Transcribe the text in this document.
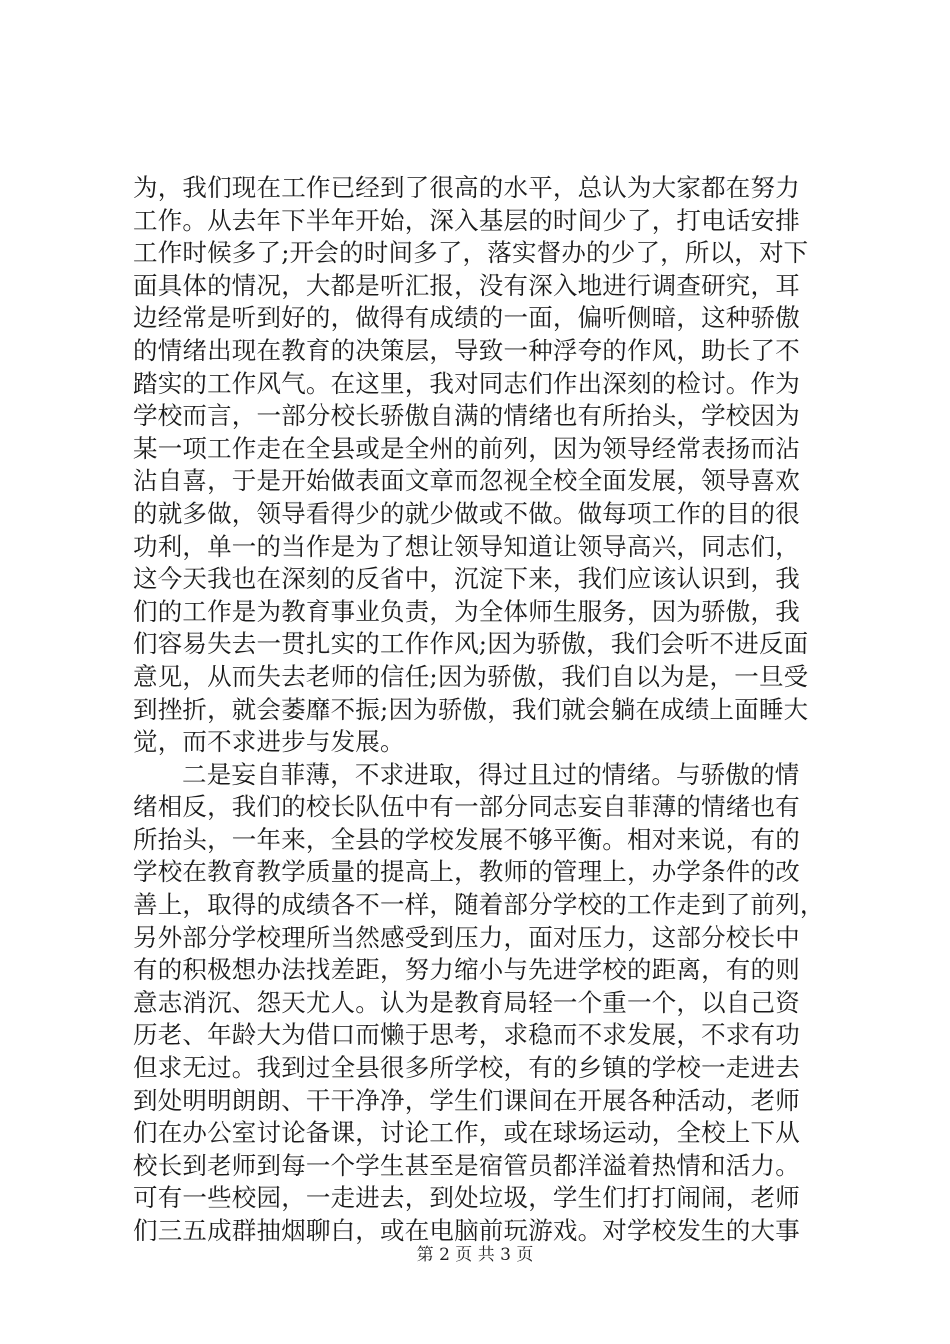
为，我们现在工作已经到了很高的水平，总认为大家都在努力
工作。从去年下半年开始，深入基层的时间少了，打电话安排
工作时候多了;开会的时间多了，落实督办的少了，所以，对下
面具体的情况，大都是听汇报，没有深入地进行调查研究，耳
边经常是听到好的，做得有成绩的一面，偏听侧暗，这种骄傲
的情绪出现在教育的决策层，导致一种浮夸的作风，助长了不
踏实的工作风气。在这里，我对同志们作出深刻的检讨。作为
学校而言，一部分校长骄傲自满的情绪也有所抬头，学校因为
某一项工作走在全县或是全州的前列，因为领导经常表扬而沾
沾自喜，于是开始做表面文章而忽视全校全面发展，领导喜欢
的就多做，领导看得少的就少做或不做。做每项工作的目的很
功利，单一的当作是为了想让领导知道让领导高兴，同志们，
这今天我也在深刻的反省中，沉淀下来，我们应该认识到，我
们的工作是为教育事业负责，为全体师生服务，因为骄傲，我
们容易失去一贯扎实的工作作风;因为骄傲，我们会听不进反面
意见，从而失去老师的信任;因为骄傲，我们自以为是，一旦受
到挫折，就会萎靡不振;因为骄傲，我们就会躺在成绩上面睡大
觉，而不求进步与发展。
二是妄自菲薄，不求进取，得过且过的情绪。与骄傲的情
绪相反，我们的校长队伍中有一部分同志妄自菲薄的情绪也有
所抬头，一年来，全县的学校发展不够平衡。相对来说，有的
学校在教育教学质量的提高上，教师的管理上，办学条件的改
善上，取得的成绩各不一样，随着部分学校的工作走到了前列，
另外部分学校理所当然感受到压力，面对压力，这部分校长中
有的积极想办法找差距，努力缩小与先进学校的距离，有的则
意志消沉、怨天尤人。认为是教育局轻一个重一个，以自己资
历老、年龄大为借口而懒于思考，求稳而不求发展，不求有功
但求无过。我到过全县很多所学校，有的乡镇的学校一走进去
到处明明朗朗、干干净净，学生们课间在开展各种活动，老师
们在办公室讨论备课，讨论工作，或在球场运动，全校上下从
校长到老师到每一个学生甚至是宿管员都洋溢着热情和活力。
可有一些校园，一走进去，到处垃圾，学生们打打闹闹，老师
们三五成群抽烟聊白，或在电脑前玩游戏。对学校发生的大事
第 2 页 共 3 页
